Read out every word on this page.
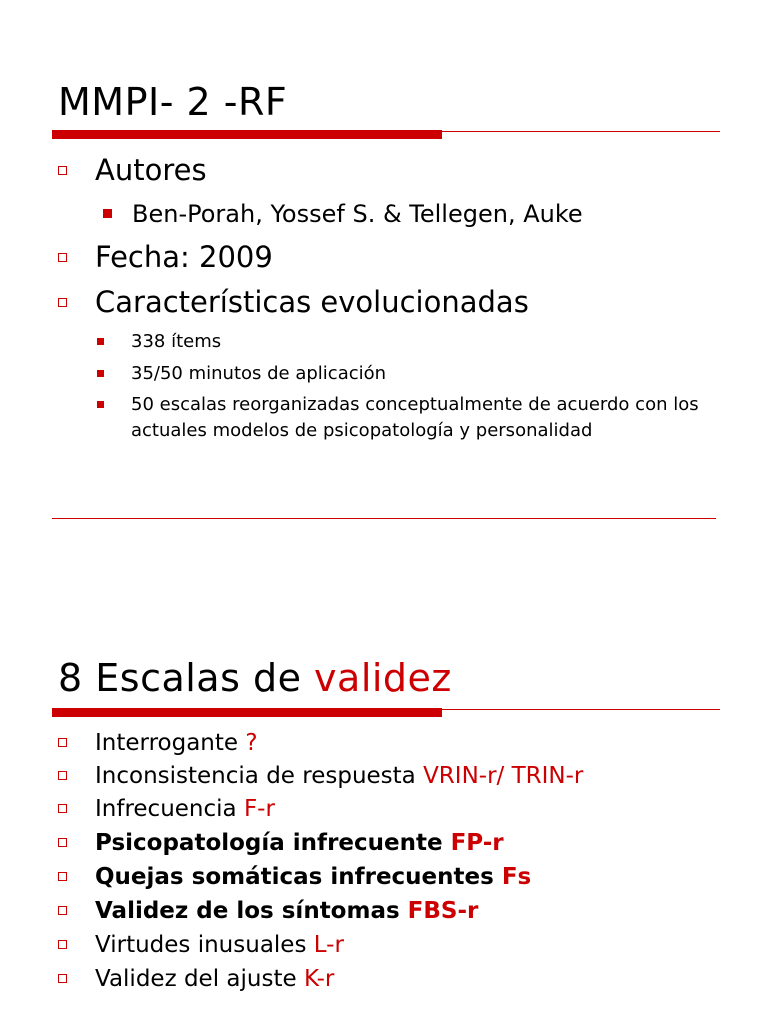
MMPI- 2 -RF
Autores
Ben-Porah, Yossef S. & Tellegen, Auke
Fecha: 2009
Características evolucionadas
338 ítems
35/50 minutos de aplicación
50 escalas reorganizadas conceptualmente de acuerdo con los actuales modelos de psicopatología y personalidad
8 Escalas de validez
Interrogante ?
Inconsistencia de respuesta VRIN-r/ TRIN-r
Infrecuencia F-r
Psicopatología infrecuente FP-r
Quejas somáticas infrecuentes Fs
Validez de los síntomas FBS-r
Virtudes inusuales L-r
Validez del ajuste K-r
